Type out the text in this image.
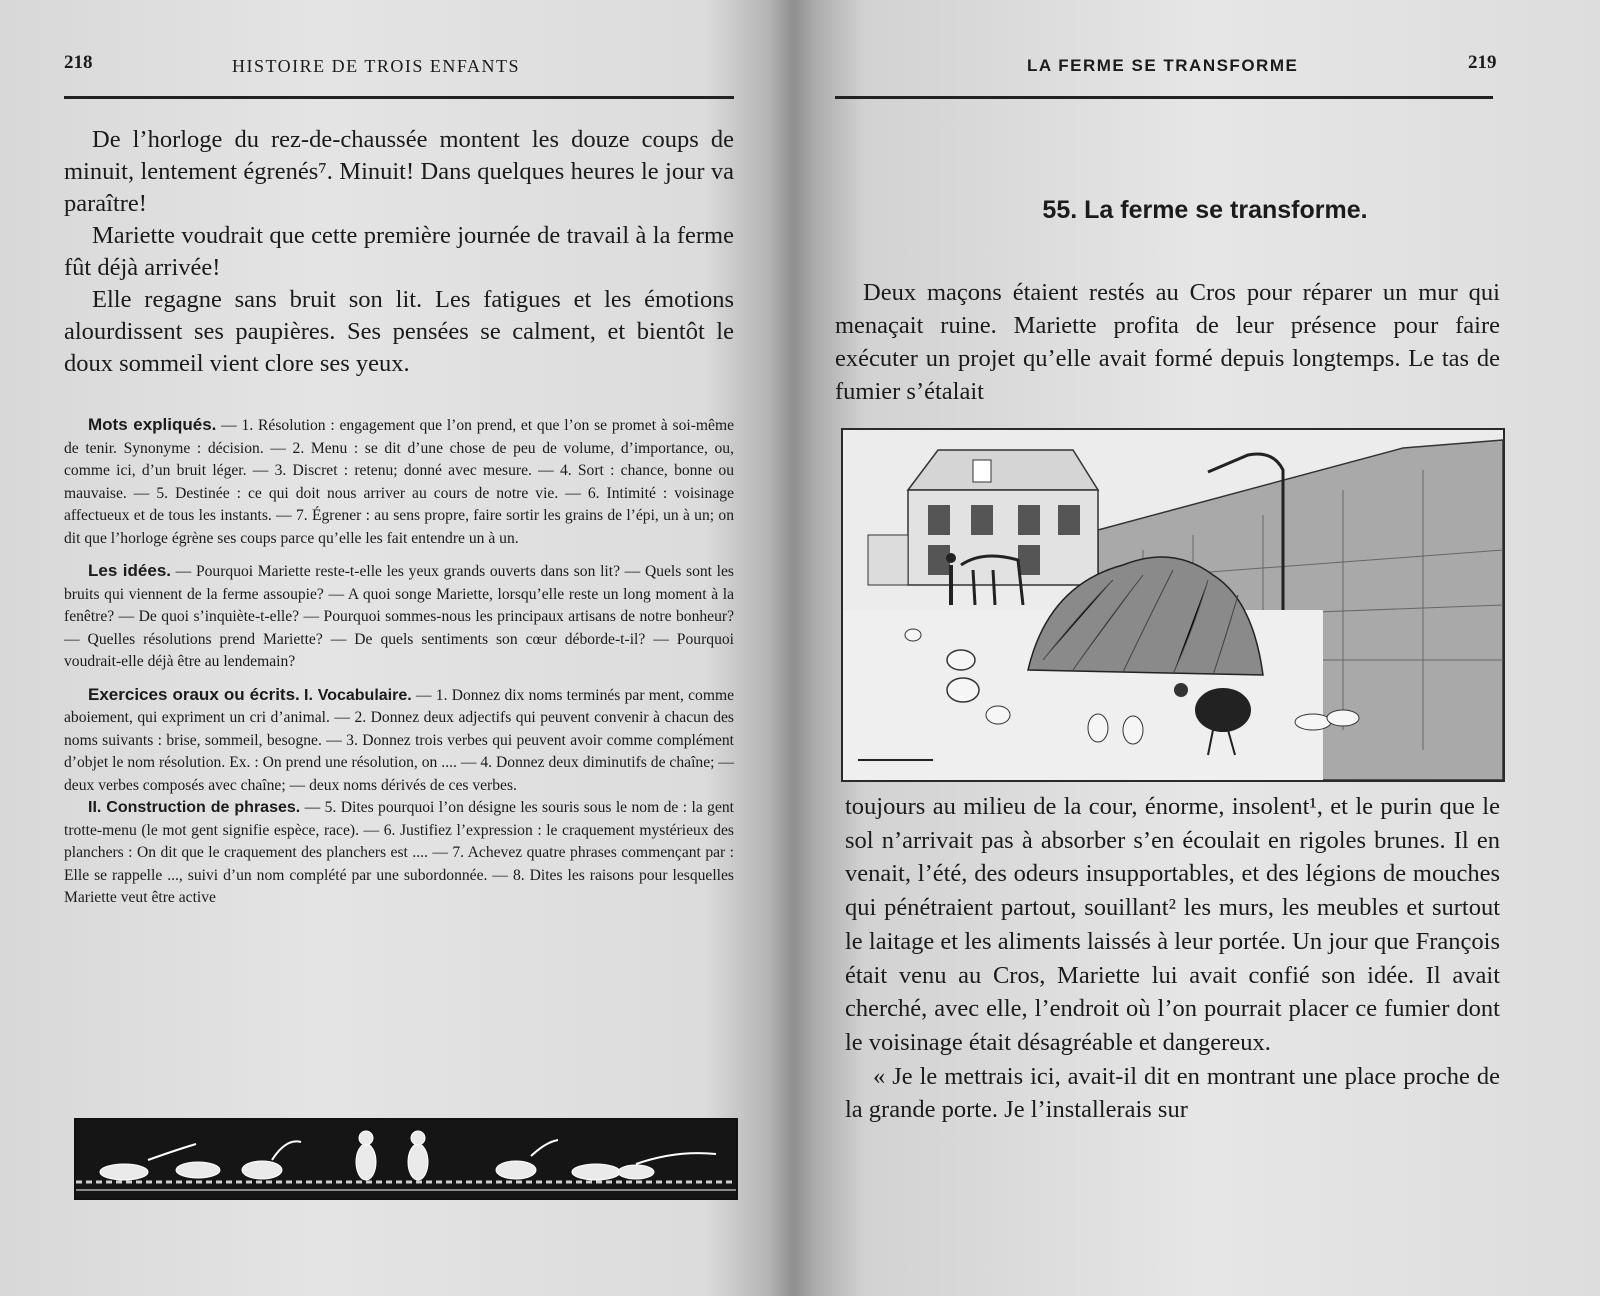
218	HISTOIRE DE TROIS ENFANTS

De l’horloge du rez-de-chaussée montent les douze coups de minuit, lentement égrenés⁷. Minuit! Dans quelques heures le jour va paraître!

Mariette voudrait que cette première journée de travail à la ferme fût déjà arrivée!

Elle regagne sans bruit son lit. Les fatigues et les émotions alourdissent ses paupières. Ses pensées se calment, et bientôt le doux sommeil vient clore ses yeux.

Mots expliqués. — 1. Résolution : engagement que l’on prend, et que l’on se promet à soi-même de tenir. Synonyme : décision. — 2. Menu : se dit d’une chose de peu de volume, d’importance, ou, comme ici, d’un bruit léger. — 3. Discret : retenu; donné avec mesure. — 4. Sort : chance, bonne ou mauvaise. — 5. Destinée : ce qui doit nous arriver au cours de notre vie. — 6. Intimité : voisinage affectueux et de tous les instants. — 7. Égrener : au sens propre, faire sortir les grains de l’épi, un à un; on dit que l’horloge égrène ses coups parce qu’elle les fait entendre un à un.

Les idées. — Pourquoi Mariette reste-t-elle les yeux grands ouverts dans son lit? — Quels sont les bruits qui viennent de la ferme assoupie? — A quoi songe Mariette, lorsqu’elle reste un long moment à la fenêtre? — De quoi s’inquiète-t-elle? — Pourquoi sommes-nous les principaux artisans de notre bonheur? — Quelles résolutions prend Mariette? — De quels sentiments son cœur déborde-t-il? — Pourquoi voudrait-elle déjà être au lendemain?

Exercices oraux ou écrits. I. Vocabulaire. — 1. Donnez dix noms terminés par ment, comme aboiement, qui expriment un cri d’animal. — 2. Donnez deux adjectifs qui peuvent convenir à chacun des noms suivants : brise, sommeil, besogne. — 3. Donnez trois verbes qui peuvent avoir comme complément d’objet le nom résolution. Ex. : On prend une résolution, on .... — 4. Donnez deux diminutifs de chaîne; — deux verbes composés avec chaîne; — deux noms dérivés de ces verbes.

II. Construction de phrases. — 5. Dites pourquoi l’on désigne les souris sous le nom de : la gent trotte-menu (le mot gent signifie espèce, race). — 6. Justifiez l’expression : le craquement mystérieux des planchers : On dit que le craquement des planchers est .... — 7. Achevez quatre phrases commençant par : Elle se rappelle ..., suivi d’un nom complété par une subordonnée. — 8. Dites les raisons pour lesquelles Mariette veut être active

LA FERME SE TRANSFORME	219
55. La ferme se transforme.

Deux maçons étaient restés au Cros pour réparer un mur qui menaçait ruine. Mariette profita de leur présence pour faire exécuter un projet qu’elle avait formé depuis longtemps. Le tas de fumier s’étalait

toujours au milieu de la cour, énorme, insolent¹, et le purin que le sol n’arrivait pas à absorber s’en écoulait en rigoles brunes. Il en venait, l’été, des odeurs insupportables, et des légions de mouches qui pénétraient partout, souillant² les murs, les meubles et surtout le laitage et les aliments laissés à leur portée. Un jour que François était venu au Cros, Mariette lui avait confié son idée. Il avait cherché, avec elle, l’endroit où l’on pourrait placer ce fumier dont le voisinage était désagréable et dangereux.

« Je le mettrais ici, avait-il dit en montrant une place proche de la grande porte. Je l’installerais sur
